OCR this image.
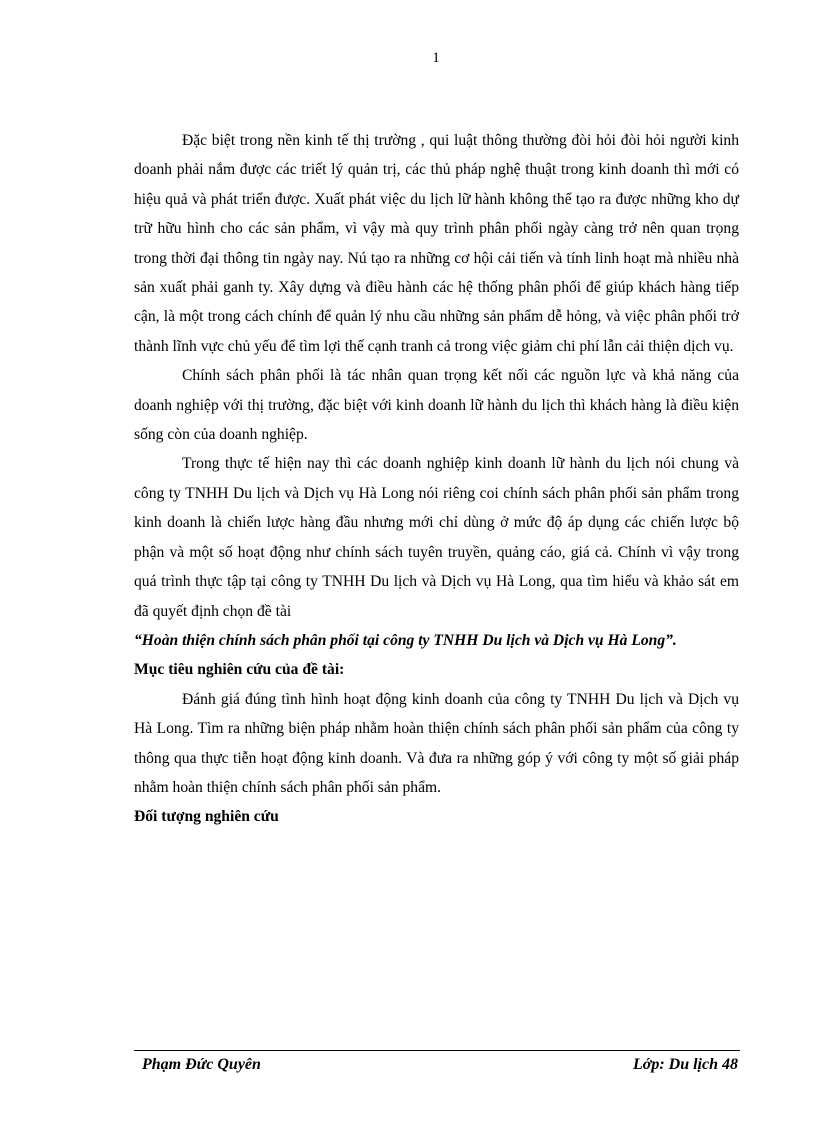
1

Đặc biệt trong nền kinh tế thị trường , qui luật thông thường đòi hỏi đòi hỏi người kinh doanh phải nắm được các triết lý quản trị, các thủ pháp nghệ thuật trong kinh doanh thì mới có hiệu quả và phát triển được. Xuất phát việc du lịch lữ hành không thể tạo ra được những kho dự trữ hữu hình cho các sản phẩm, vì vậy mà quy trình phân phối ngày càng trở nên quan trọng trong thời đại thông tin ngày nay. Nú tạo ra những cơ hội cải tiến và tính linh hoạt mà nhiều nhà sản xuất phải ganh ty. Xây dựng và điều hành các hệ thống phân phối để giúp khách hàng tiếp cận, là một trong cách chính để quản lý nhu cầu những sản phẩm dễ hỏng, và việc phân phối trở thành lĩnh vực chủ yếu để tìm lợi thế cạnh tranh cả trong việc giảm chi phí lẫn cải thiện dịch vụ.

Chính sách phân phối là tác nhân quan trọng kết nối các nguồn lực và khả năng của doanh nghiệp với thị trường, đặc biệt với kinh doanh lữ hành du lịch thì khách hàng là điều kiện sống còn của doanh nghiệp.

Trong thực tế hiện nay thì các doanh nghiệp kinh doanh lữ hành du lịch nói chung và công ty TNHH Du lịch và Dịch vụ Hà Long nói riêng coi chính sách phân phối sản phẩm trong kinh doanh là chiến lược hàng đầu nhưng mới chỉ dùng ở mức độ áp dụng các chiến lược bộ phận và một số hoạt động như chính sách tuyên truyền, quảng cáo, giá cả. Chính vì vậy trong quá trình thực tập tại công ty TNHH Du lịch và Dịch vụ Hà Long, qua tìm hiểu và khảo sát em đã quyết định chọn đề tài
“Hoàn thiện chính sách phân phối tại công ty TNHH Du lịch và Dịch vụ Hà Long”.

Mục tiêu nghiên cứu của đề tài:

Đánh giá đúng tình hình hoạt động kinh doanh của công ty TNHH Du lịch và Dịch vụ Hà Long. Tìm ra những biện pháp nhằm hoàn thiện chính sách phân phối sản phẩm của công ty thông qua thực tiễn hoạt động kinh doanh. Và đưa ra những góp ý với công ty một số giải pháp nhằm hoàn thiện chính sách phân phối sản phẩm.

Đối tượng nghiên cứu

Phạm Đức Quyên	Lớp: Du lịch 48
